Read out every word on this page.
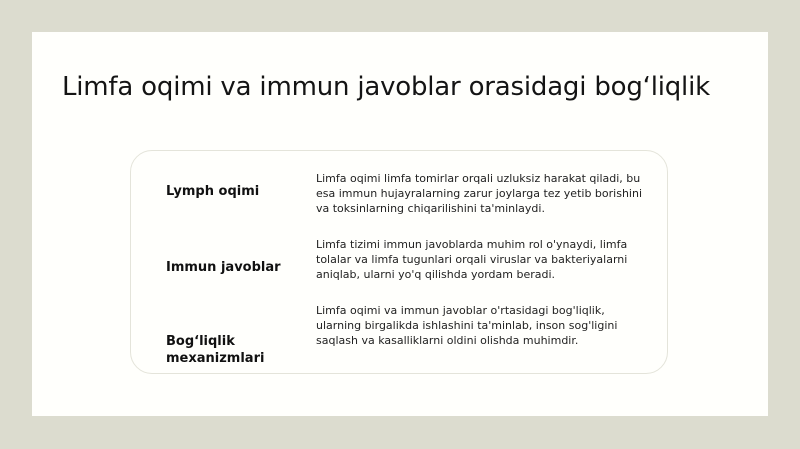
Limfa oqimi va immun javoblar orasidagi bog‘liqlik
Lymph oqimi
Limfa oqimi limfa tomirlar orqali uzluksiz harakat qiladi, bu esa immun hujayralarning zarur joylarga tez yetib borishini va toksinlarning chiqarilishini ta'minlaydi.
Immun javoblar
Limfa tizimi immun javoblarda muhim rol o'ynaydi, limfa tolalar va limfa tugunlari orqali viruslar va bakteriyalarni aniqlab, ularni yo'q qilishda yordam beradi.
Bog‘liqlik mexanizmlari
Limfa oqimi va immun javoblar o'rtasidagi bog'liqlik, ularning birgalikda ishlashini ta'minlab, inson sog'ligini saqlash va kasalliklarni oldini olishda muhimdir.
